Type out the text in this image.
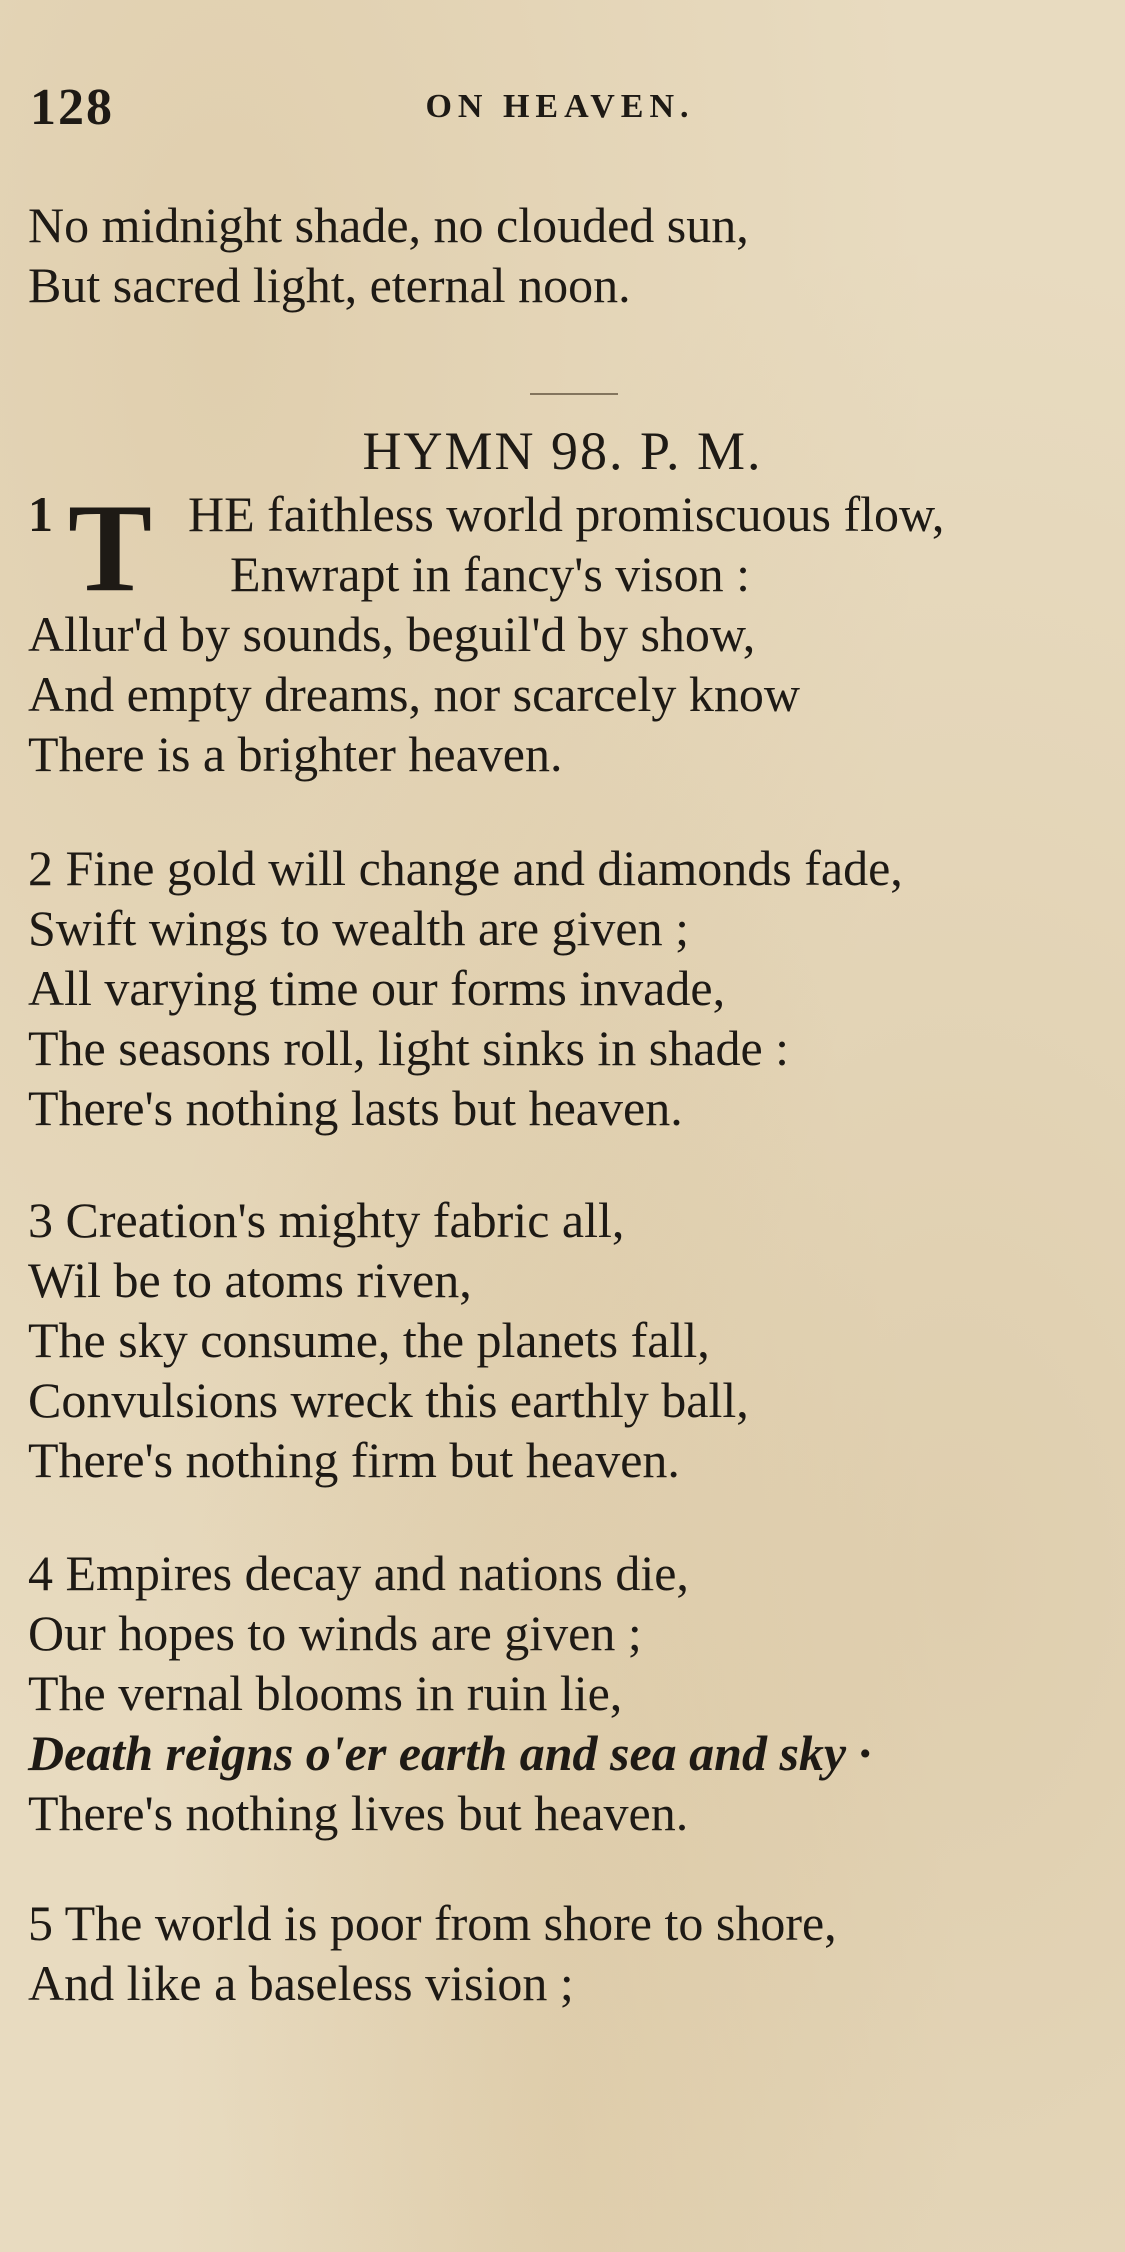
128	ON HEAVEN.
No midnight shade, no clouded sun,
But sacred light, eternal noon.
HYMN 98. P. M.
1 T HE faithless world promiscuous flow,
Enwrapt in fancy's vison :
Allur'd by sounds, beguil'd by show,
And empty dreams, nor scarcely know
There is a brighter heaven.
2 Fine gold will change and diamonds fade,
Swift wings to wealth are given ;
All varying time our forms invade,
The seasons roll, light sinks in shade :
There's nothing lasts but heaven.
3 Creation's mighty fabric all,
Wil be to atoms riven,
The sky consume, the planets fall,
Convulsions wreck this earthly ball,
There's nothing firm but heaven.
4 Empires decay and nations die,
Our hopes to winds are given ;
The vernal blooms in ruin lie,
Death reigns o'er earth and sea and sky ·
There's nothing lives but heaven.
5 The world is poor from shore to shore,
And like a baseless vision ;
